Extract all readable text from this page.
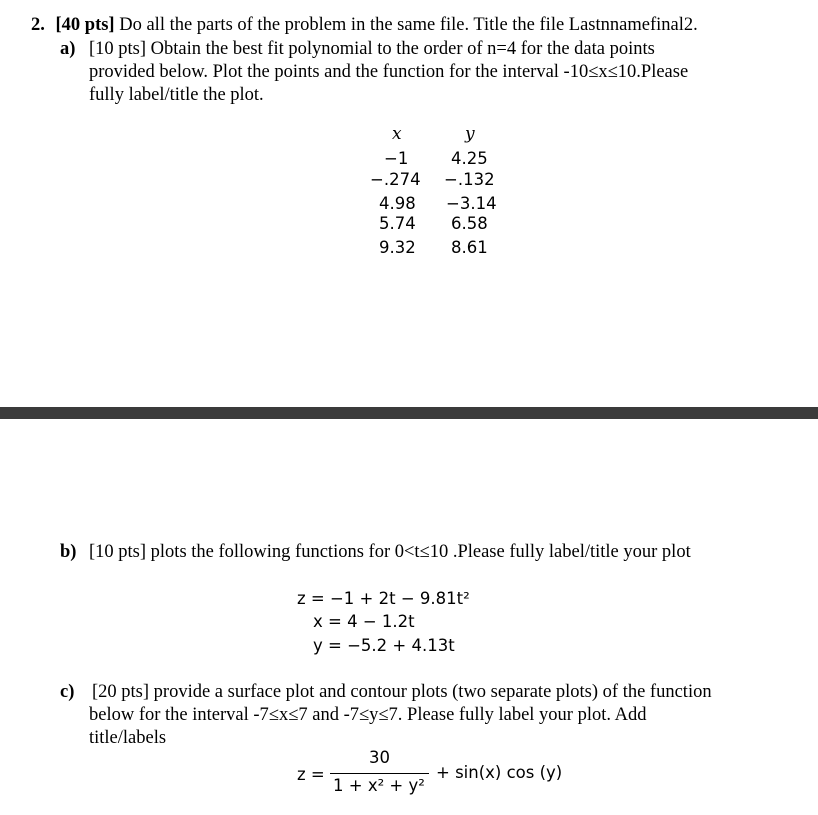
2. [40 pts] Do all the parts of the problem in the same file. Title the file Lastnnamefinal2.
a) [10 pts] Obtain the best fit polynomial to the order of n=4 for the data points
provided below. Plot the points and the function for the interval -10≤x≤10.Please
fully label/title the plot.
x	y
−1	4.25
−.274 −.132
4.98 −3.14
5.74 6.58
9.32 8.61
b) [10 pts] plots the following functions for 0<t≤10 .Please fully label/title your plot
z = −1 + 2t − 9.81t²
x = 4 − 1.2t
y = −5.2 + 4.13t
c) [20 pts] provide a surface plot and contour plots (two separate plots) of the function
below for the interval -7≤x≤7 and -7≤y≤7. Please fully label your plot. Add
title/labels
z =
30
1 + x² + y²
+ sin(x) cos (y)
